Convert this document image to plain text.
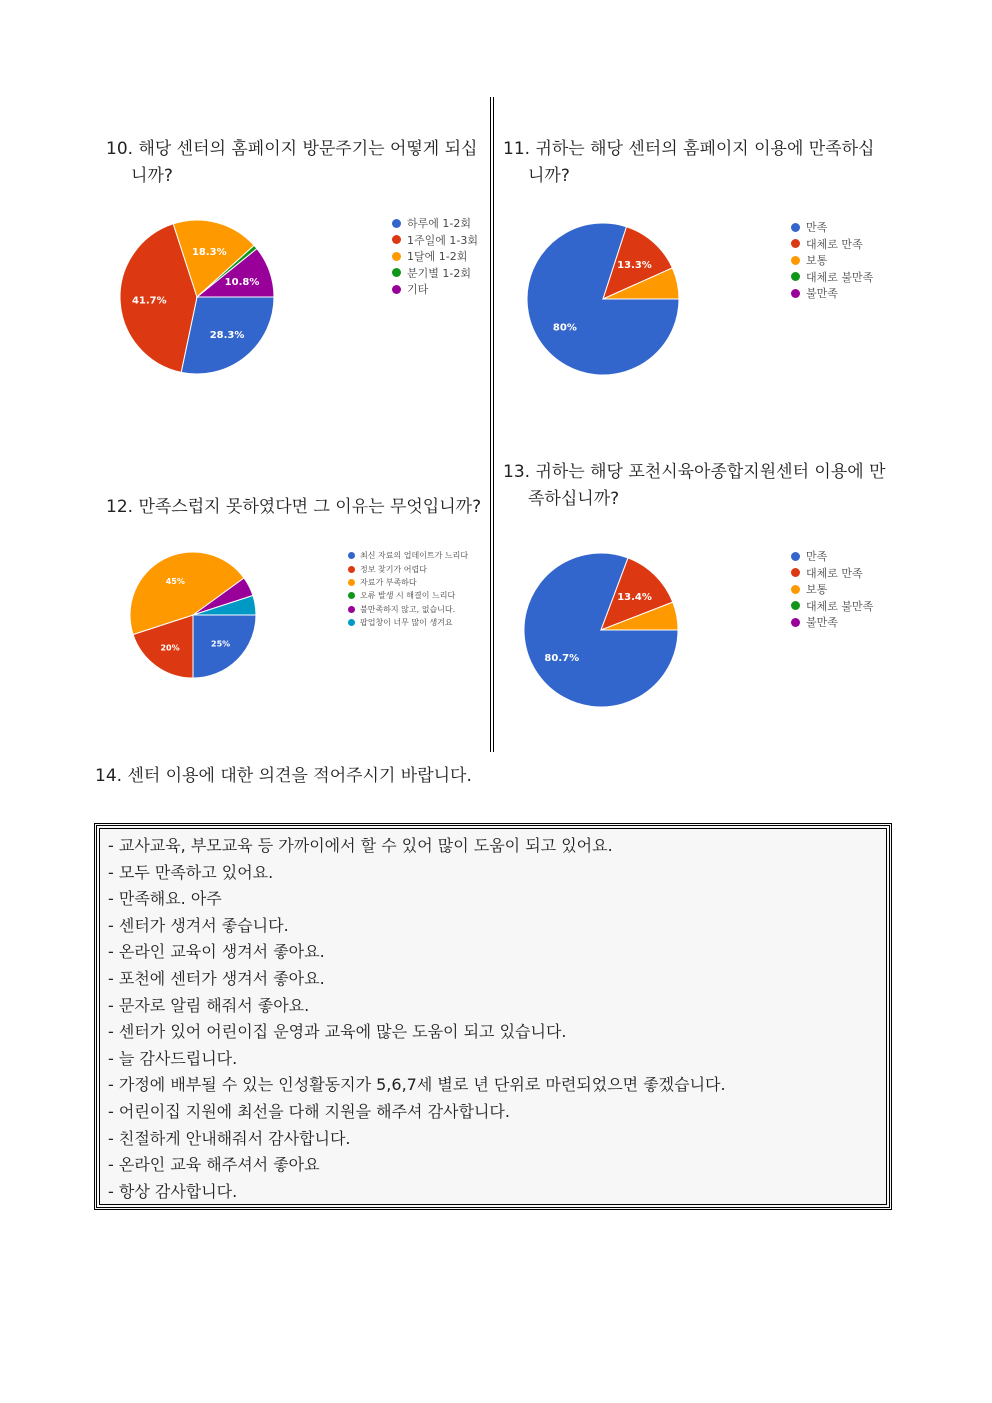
10. 해당 센터의 홈페이지 방문주기는 어떻게 되십
니까?
28.3%
41.7%
18.3%
10.8%
하루에 1-2회
1주일에 1-3회
1달에 1-2회
분기별 1-2회
기타
11. 귀하는 해당 센터의 홈페이지 이용에 만족하십
니까?
80%
13.3%
만족
대체로 만족
보통
대체로 불만족
불만족
12. 만족스럽지 못하였다면 그 이유는 무엇입니까?
25%
20%
45%
최신 자료의 업데이트가 느리다
정보 찾기가 어렵다
자료가 부족하다
오류 발생 시 해결이 느리다
불만족하지 않고, 없습니다.
팝업창이 너무 많이 생겨요
13. 귀하는 해당 포천시육아종합지원센터 이용에 만
족하십니까?
80.7%
13.4%
만족
대체로 만족
보통
대체로 불만족
불만족
14. 센터 이용에 대한 의견을 적어주시기 바랍니다.
- 교사교육, 부모교육 등 가까이에서 할 수 있어 많이 도움이 되고 있어요.
- 모두 만족하고 있어요.
- 만족해요. 아주
- 센터가 생겨서 좋습니다.
- 온라인 교육이 생겨서 좋아요.
- 포천에 센터가 생겨서 좋아요.
- 문자로 알림 해줘서 좋아요.
- 센터가 있어 어린이집 운영과 교육에 많은 도움이 되고 있습니다.
- 늘 감사드립니다.
- 가정에 배부될 수 있는 인성활동지가 5,6,7세 별로 년 단위로 마련되었으면 좋겠습니다.
- 어린이집 지원에 최선을 다해 지원을 해주셔 감사합니다.
- 친절하게 안내해줘서 감사합니다.
- 온라인 교육 해주셔서 좋아요
- 항상 감사합니다.
